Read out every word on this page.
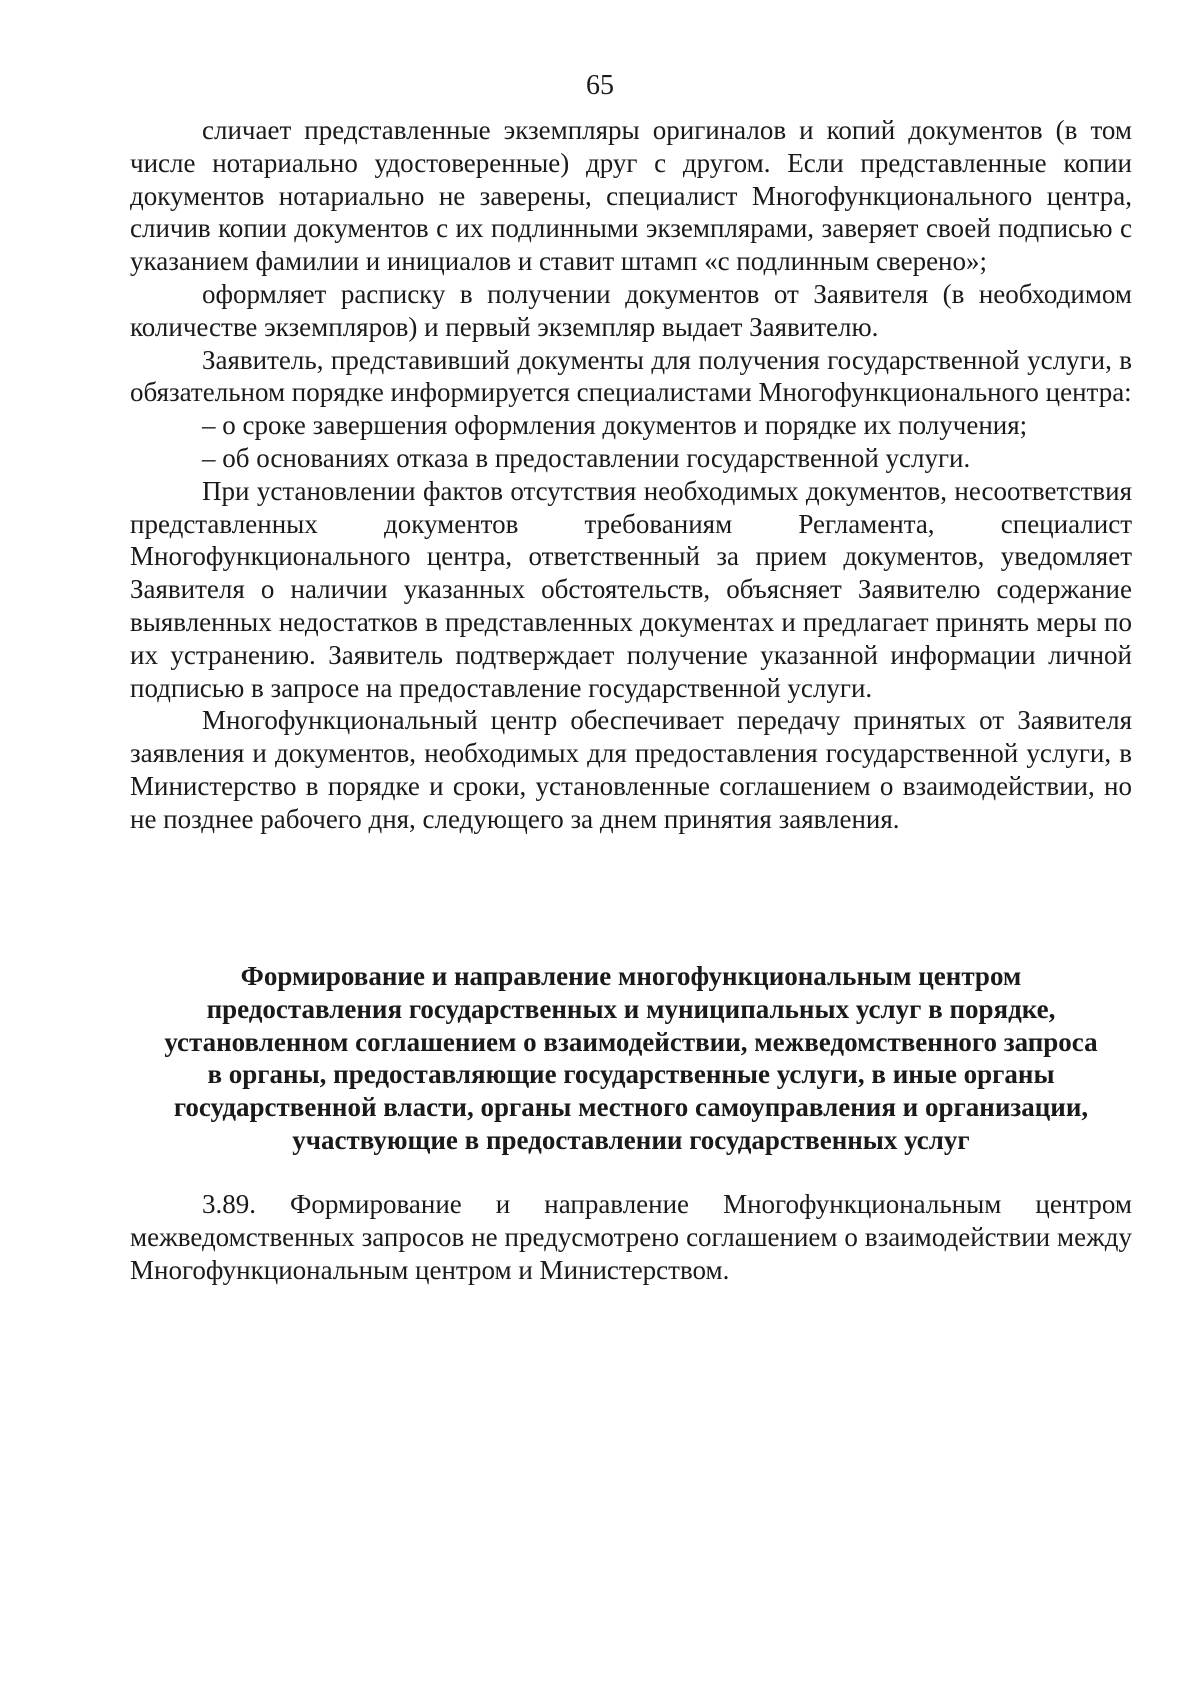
65

сличает представленные экземпляры оригиналов и копий документов (в том числе нотариально удостоверенные) друг с другом. Если представленные копии документов нотариально не заверены, специалист Многофункционального центра, сличив копии документов с их подлинными экземплярами, заверяет своей подписью с указанием фамилии и инициалов и ставит штамп «с подлинным сверено»;

оформляет расписку в получении документов от Заявителя (в необходимом количестве экземпляров) и первый экземпляр выдает Заявителю.

Заявитель, представивший документы для получения государственной услуги, в обязательном порядке информируется специалистами Многофункционального центра:

– о сроке завершения оформления документов и порядке их получения;

– об основаниях отказа в предоставлении государственной услуги.

При установлении фактов отсутствия необходимых документов, несоответствия представленных документов требованиям Регламента, специалист Многофункционального центра, ответственный за прием документов, уведомляет Заявителя о наличии указанных обстоятельств, объясняет Заявителю содержание выявленных недостатков в представленных документах и предлагает принять меры по их устранению. Заявитель подтверждает получение указанной информации личной подписью в запросе на предоставление государственной услуги.

Многофункциональный центр обеспечивает передачу принятых от Заявителя заявления и документов, необходимых для предоставления государственной услуги, в Министерство в порядке и сроки, установленные соглашением о взаимодействии, но не позднее рабочего дня, следующего за днем принятия заявления.

Формирование и направление многофункциональным центром
предоставления государственных и муниципальных услуг в порядке,
установленном соглашением о взаимодействии, межведомственного запроса
в органы, предоставляющие государственные услуги, в иные органы
государственной власти, органы местного самоуправления и организации,
участвующие в предоставлении государственных услуг

3.89. Формирование и направление Многофункциональным центром межведомственных запросов не предусмотрено соглашением о взаимодействии между Многофункциональным центром и Министерством.
